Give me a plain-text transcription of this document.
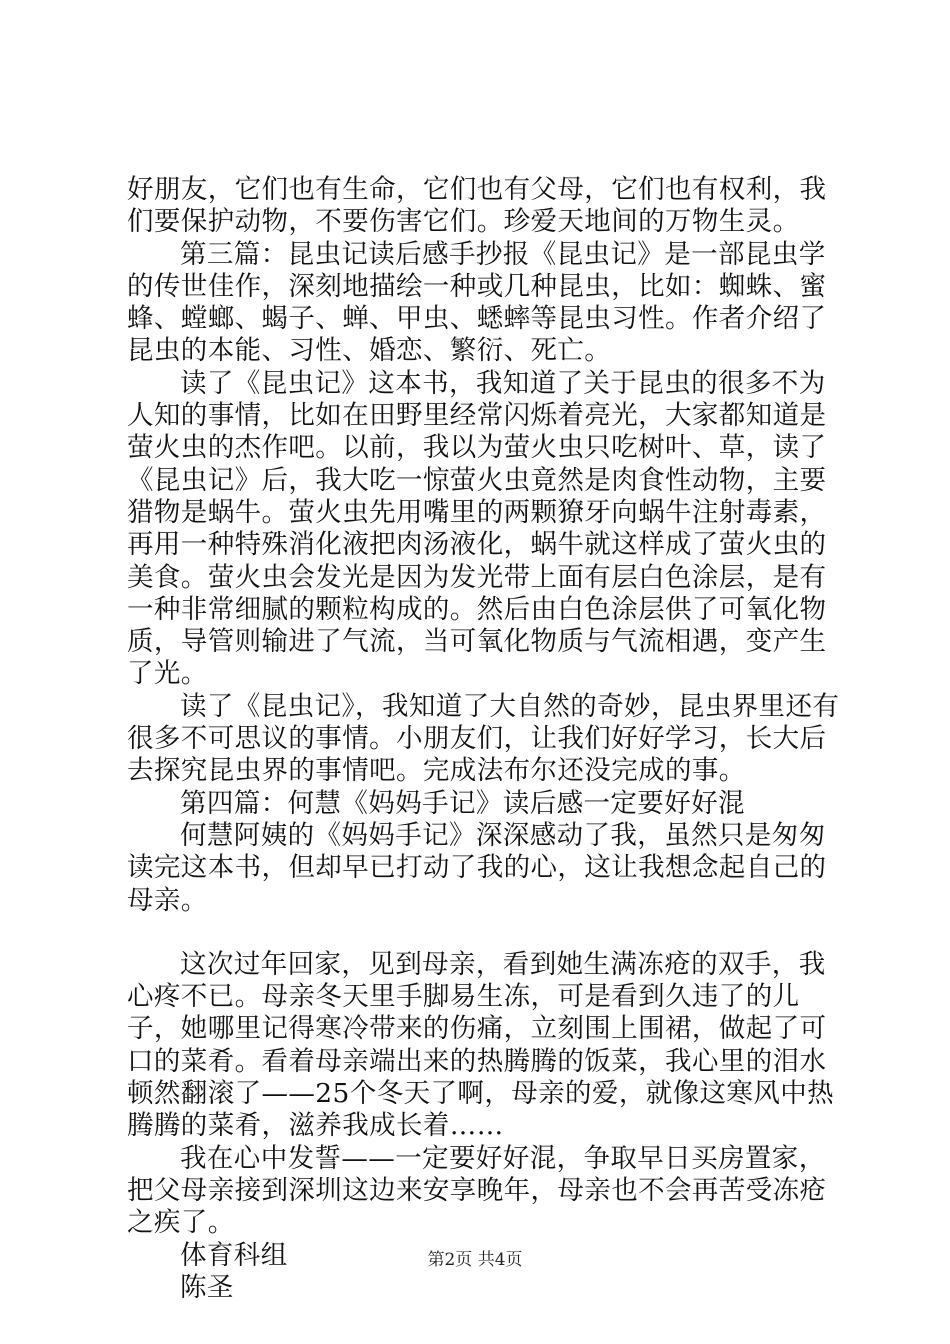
好朋友，它们也有生命，它们也有父母，它们也有权利，我们要保护动物，不要伤害它们。珍爱天地间的万物生灵。

第三篇：昆虫记读后感手抄报《昆虫记》是一部昆虫学的传世佳作，深刻地描绘一种或几种昆虫，比如：蜘蛛、蜜蜂、螳螂、蝎子、蝉、甲虫、蟋蟀等昆虫习性。作者介绍了昆虫的本能、习性、婚恋、繁衍、死亡。

读了《昆虫记》这本书，我知道了关于昆虫的很多不为人知的事情，比如在田野里经常闪烁着亮光，大家都知道是萤火虫的杰作吧。以前，我以为萤火虫只吃树叶、草，读了《昆虫记》后，我大吃一惊萤火虫竟然是肉食性动物，主要猎物是蜗牛。萤火虫先用嘴里的两颗獠牙向蜗牛注射毒素，再用一种特殊消化液把肉汤液化，蜗牛就这样成了萤火虫的美食。萤火虫会发光是因为发光带上面有层白色涂层，是有一种非常细腻的颗粒构成的。然后由白色涂层供了可氧化物质，导管则输进了气流，当可氧化物质与气流相遇，变产生了光。

读了《昆虫记》，我知道了大自然的奇妙，昆虫界里还有很多不可思议的事情。小朋友们，让我们好好学习，长大后去探究昆虫界的事情吧。完成法布尔还没完成的事。

第四篇：何慧《妈妈手记》读后感一定要好好混

何慧阿姨的《妈妈手记》深深感动了我，虽然只是匆匆读完这本书，但却早已打动了我的心，这让我想念起自己的母亲。

这次过年回家，见到母亲，看到她生满冻疮的双手，我心疼不已。母亲冬天里手脚易生冻，可是看到久违了的儿子，她哪里记得寒冷带来的伤痛，立刻围上围裙，做起了可口的菜肴。看着母亲端出来的热腾腾的饭菜，我心里的泪水顿然翻滚了——25个冬天了啊，母亲的爱，就像这寒风中热腾腾的菜肴，滋养我成长着……

我在心中发誓——一定要好好混，争取早日买房置家，把父母亲接到深圳这边来安享晚年，母亲也不会再苦受冻疮之疾了。

体育科组

陈圣

第2页 共4页
